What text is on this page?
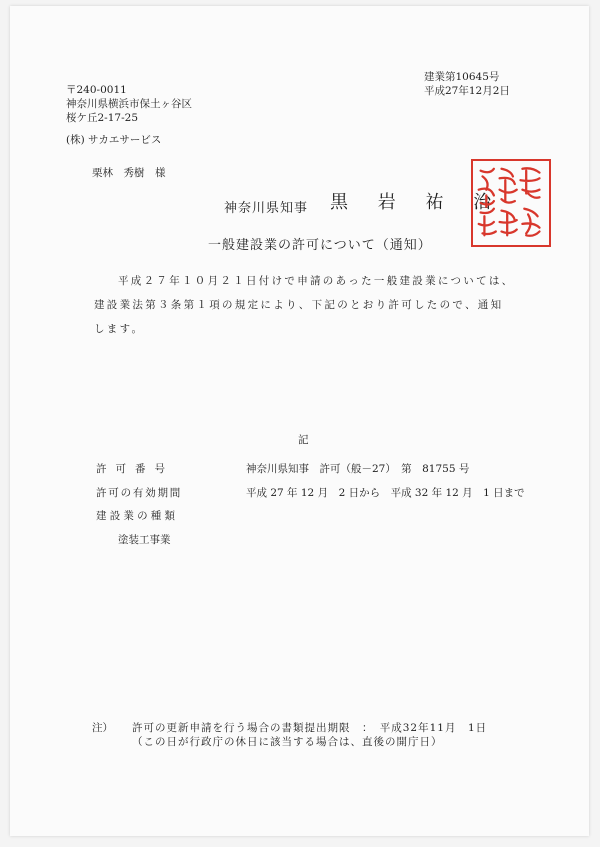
〒240-0011
神奈川県横浜市保土ヶ谷区
桜ケ丘2-17-25
(株) サカエサービス
栗林　秀樹　様
建業第10645号
平成27年12月2日
神奈川県知事 黒 岩 祐 治
一般建設業の許可について（通知）
平成２７年１０月２１日付けで申請のあった一般建設業については、
建設業法第３条第１項の規定により、下記のとおり許可したので、通知
します。
記
許可番号	神奈川県知事　許可（般－27）　第　81755 号
許可の有効期間	平成 27 年 12 月　2 日から　平成 32 年 12 月　1 日まで
建設業の種類
塗装工事業
注） 許可の更新申請を行う場合の書類提出期限　：　平成32年11月　1日
（この日が行政庁の休日に該当する場合は、直後の開庁日）
